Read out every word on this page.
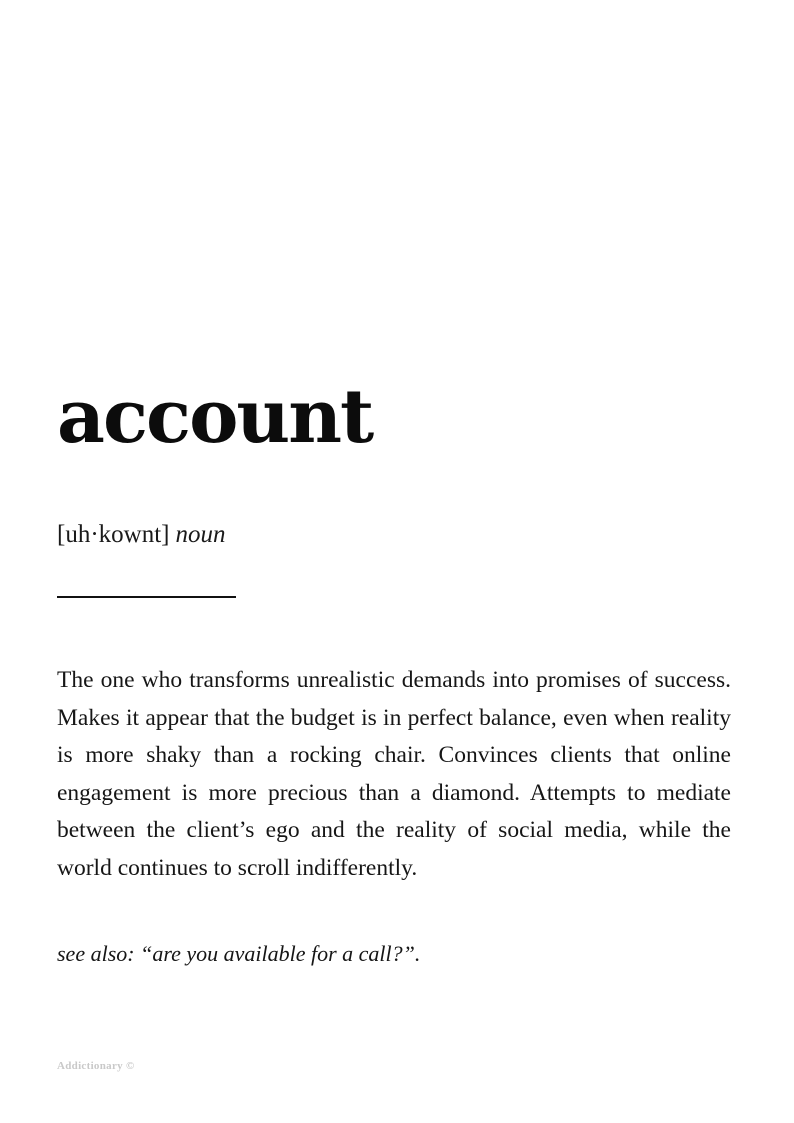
account
[uh·kownt] noun

The one who transforms unrealistic demands into promises of success. Makes it appear that the budget is in perfect balance, even when reality is more shaky than a rocking chair. Convinces clients that online engagement is more precious than a diamond. Attempts to mediate between the client’s ego and the reality of social media, while the world continues to scroll indifferently.

see also: “are you available for a call?”.
Addictionary ©
